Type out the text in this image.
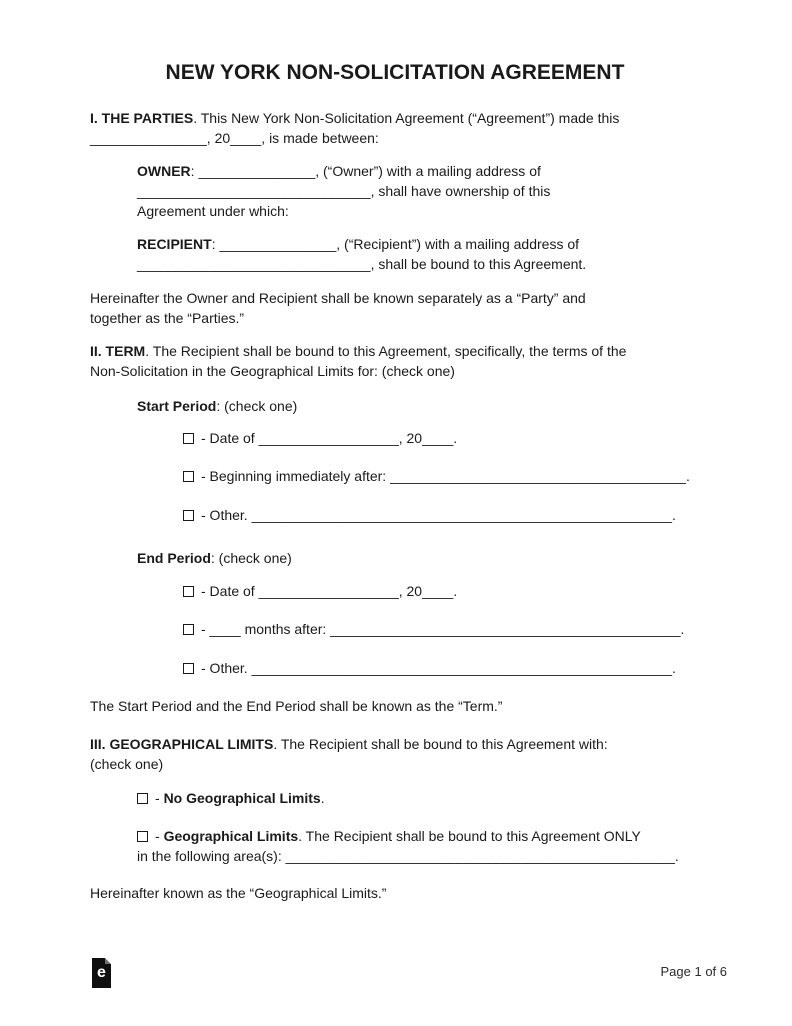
NEW YORK NON-SOLICITATION AGREEMENT
I. THE PARTIES. This New York Non-Solicitation Agreement (“Agreement”) made this
_______________, 20____, is made between:
OWNER: _______________, (“Owner”) with a mailing address of
______________________________, shall have ownership of this
Agreement under which:
RECIPIENT: _______________, (“Recipient”) with a mailing address of
______________________________, shall be bound to this Agreement.
Hereinafter the Owner and Recipient shall be known separately as a “Party” and
together as the “Parties.”
II. TERM. The Recipient shall be bound to this Agreement, specifically, the terms of the
Non-Solicitation in the Geographical Limits for: (check one)
Start Period: (check one)
- Date of __________________, 20____.
- Beginning immediately after: ______________________________________.
- Other. ______________________________________________________.
End Period: (check one)
- Date of __________________, 20____.
- ____ months after: _____________________________________________.
- Other. ______________________________________________________.
The Start Period and the End Period shall be known as the “Term.”
III. GEOGRAPHICAL LIMITS. The Recipient shall be bound to this Agreement with:
(check one)
- No Geographical Limits.
- Geographical Limits. The Recipient shall be bound to this Agreement ONLY
in the following area(s): __________________________________________________.
Hereinafter known as the “Geographical Limits.”
e	Page 1 of 6
